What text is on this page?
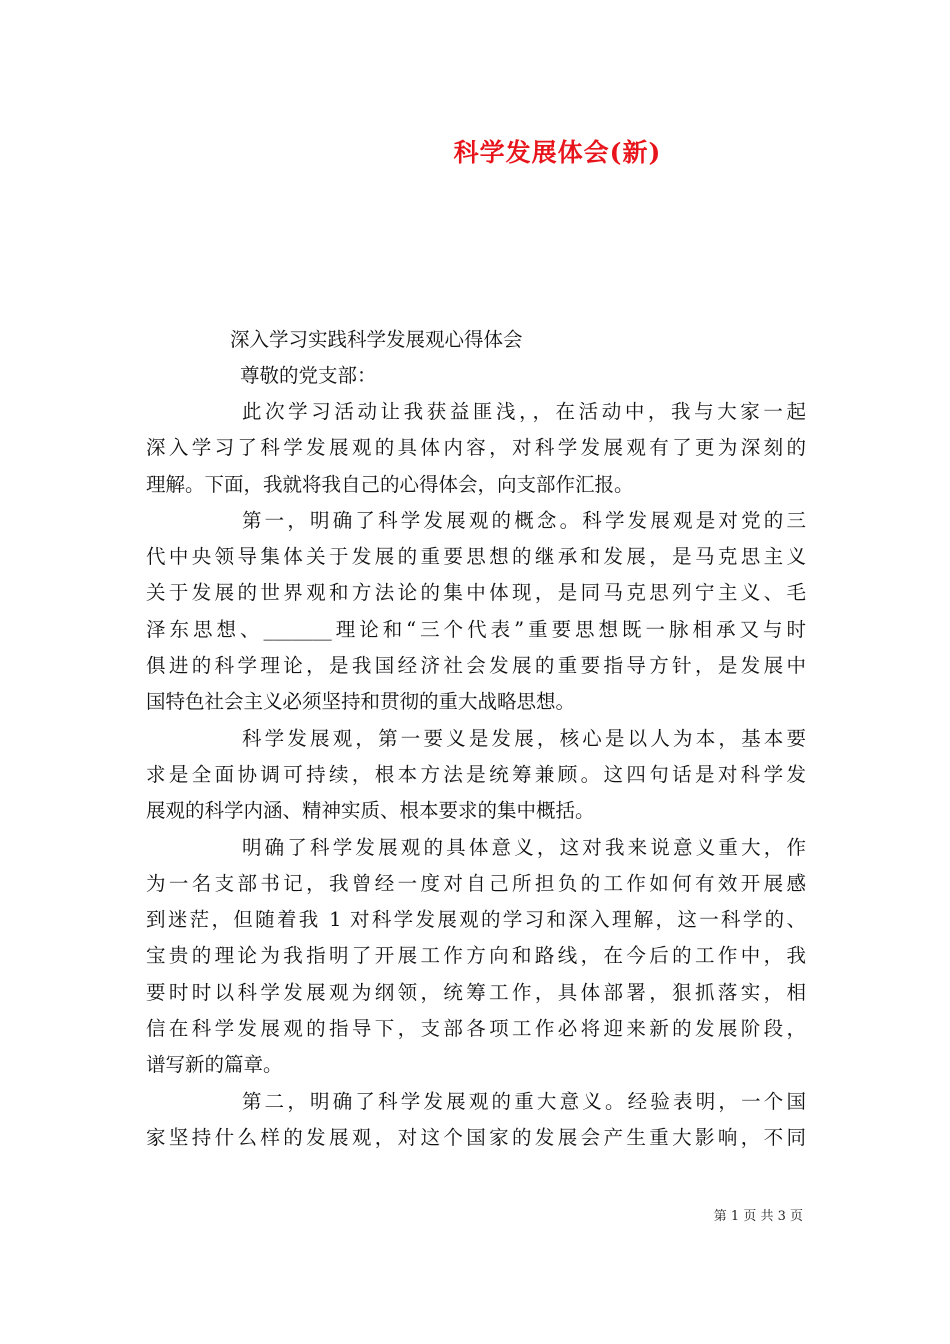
科学发展体会(新)
深入学习实践科学发展观心得体会
尊敬的党支部：
此次学习活动让我获益匪浅，，在活动中，我与大家一起
深入学习了科学发展观的具体内容，对科学发展观有了更为深刻的
理解。下面，我就将我自己的心得体会，向支部作汇报。
第一，明确了科学发展观的概念。科学发展观是对党的三
代中央领导集体关于发展的重要思想的继承和发展，是马克思主义
关于发展的世界观和方法论的集中体现，是同马克思列宁主义、毛
泽东思想、_______理论和“三个代表”重要思想既一脉相承又与时
俱进的科学理论，是我国经济社会发展的重要指导方针，是发展中
国特色社会主义必须坚持和贯彻的重大战略思想。
科学发展观，第一要义是发展，核心是以人为本，基本要
求是全面协调可持续，根本方法是统筹兼顾。这四句话是对科学发
展观的科学内涵、精神实质、根本要求的集中概括。
明确了科学发展观的具体意义，这对我来说意义重大，作
为一名支部书记，我曾经一度对自己所担负的工作如何有效开展感
到迷茫，但随着我 1 对科学发展观的学习和深入理解，这一科学的、
宝贵的理论为我指明了开展工作方向和路线，在今后的工作中，我
要时时以科学发展观为纲领，统筹工作，具体部署，狠抓落实，相
信在科学发展观的指导下，支部各项工作必将迎来新的发展阶段，
谱写新的篇章。
第二，明确了科学发展观的重大意义。经验表明，一个国
家坚持什么样的发展观，对这个国家的发展会产生重大影响，不同
第 1 页 共 3 页
